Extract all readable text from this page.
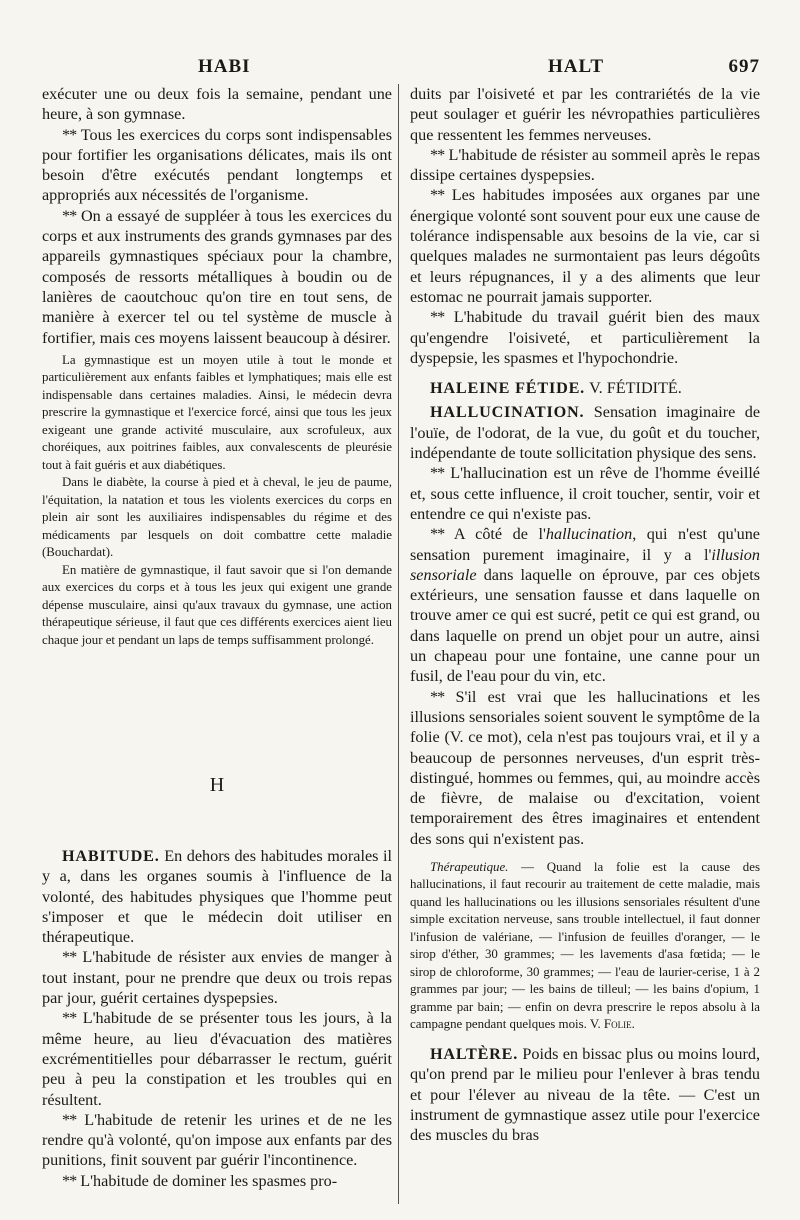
HABI	HALT	697

exécuter une ou deux fois la semaine, pendant une heure, à son gymnase.

** Tous les exercices du corps sont indispensables pour fortifier les organisations délicates, mais ils ont besoin d'être exécutés pendant longtemps et appropriés aux nécessités de l'organisme.

** On a essayé de suppléer à tous les exercices du corps et aux instruments des grands gymnases par des appareils gymnastiques spéciaux pour la chambre, composés de ressorts métalliques à boudin ou de lanières de caoutchouc qu'on tire en tout sens, de manière à exercer tel ou tel système de muscle à fortifier, mais ces moyens laissent beaucoup à désirer.

La gymnastique est un moyen utile à tout le monde et particulièrement aux enfants faibles et lymphatiques; mais elle est indispensable dans certaines maladies. Ainsi, le médecin devra prescrire la gymnastique et l'exercice forcé, ainsi que tous les jeux exigeant une grande activité musculaire, aux scrofuleux, aux choréiques, aux poitrines faibles, aux convalescents de pleurésie tout à fait guéris et aux diabétiques.

Dans le diabète, la course à pied et à cheval, le jeu de paume, l'équitation, la natation et tous les violents exercices du corps en plein air sont les auxiliaires indispensables du régime et des médicaments par lesquels on doit combattre cette maladie (Bouchardat).

En matière de gymnastique, il faut savoir que si l'on demande aux exercices du corps et à tous les jeux qui exigent une grande dépense musculaire, ainsi qu'aux travaux du gymnase, une action thérapeutique sérieuse, il faut que ces différents exercices aient lieu chaque jour et pendant un laps de temps suffisamment prolongé.

H

HABITUDE. En dehors des habitudes morales il y a, dans les organes soumis à l'influence de la volonté, des habitudes physiques que l'homme peut s'imposer et que le médecin doit utiliser en thérapeutique.

** L'habitude de résister aux envies de manger à tout instant, pour ne prendre que deux ou trois repas par jour, guérit certaines dyspepsies.

** L'habitude de se présenter tous les jours, à la même heure, au lieu d'évacuation des matières excrémentitielles pour débarrasser le rectum, guérit peu à peu la constipation et les troubles qui en résultent.

** L'habitude de retenir les urines et de ne les rendre qu'à volonté, qu'on impose aux enfants par des punitions, finit souvent par guérir l'incontinence.

** L'habitude de dominer les spasmes pro-

duits par l'oisiveté et par les contrariétés de la vie peut soulager et guérir les névropathies particulières que ressentent les femmes nerveuses.

** L'habitude de résister au sommeil après le repas dissipe certaines dyspepsies.

** Les habitudes imposées aux organes par une énergique volonté sont souvent pour eux une cause de tolérance indispensable aux besoins de la vie, car si quelques malades ne surmontaient pas leurs dégoûts et leurs répugnances, il y a des aliments que leur estomac ne pourrait jamais supporter.

** L'habitude du travail guérit bien des maux qu'engendre l'oisiveté, et particulièrement la dyspepsie, les spasmes et l'hypochondrie.

HALEINE FÉTIDE. V. FÉTIDITÉ.

HALLUCINATION. Sensation imaginaire de l'ouïe, de l'odorat, de la vue, du goût et du toucher, indépendante de toute sollicitation physique des sens.

** L'hallucination est un rêve de l'homme éveillé et, sous cette influence, il croit toucher, sentir, voir et entendre ce qui n'existe pas.

** A côté de l'hallucination, qui n'est qu'une sensation purement imaginaire, il y a l'illusion sensoriale dans laquelle on éprouve, par ces objets extérieurs, une sensation fausse et dans laquelle on trouve amer ce qui est sucré, petit ce qui est grand, ou dans laquelle on prend un objet pour un autre, ainsi un chapeau pour une fontaine, une canne pour un fusil, de l'eau pour du vin, etc.

** S'il est vrai que les hallucinations et les illusions sensoriales soient souvent le symptôme de la folie (V. ce mot), cela n'est pas toujours vrai, et il y a beaucoup de personnes nerveuses, d'un esprit très-distingué, hommes ou femmes, qui, au moindre accès de fièvre, de malaise ou d'excitation, voient temporairement des êtres imaginaires et entendent des sons qui n'existent pas.

Thérapeutique. — Quand la folie est la cause des hallucinations, il faut recourir au traitement de cette maladie, mais quand les hallucinations ou les illusions sensoriales résultent d'une simple excitation nerveuse, sans trouble intellectuel, il faut donner l'infusion de valériane, — l'infusion de feuilles d'oranger, — le sirop d'éther, 30 grammes; — les lavements d'asa fœtida; — le sirop de chloroforme, 30 grammes; — l'eau de laurier-cerise, 1 à 2 grammes par jour; — les bains de tilleul; — les bains d'opium, 1 gramme par bain; — enfin on devra prescrire le repos absolu à la campagne pendant quelques mois. V. Folie.

HALTÈRE. Poids en bissac plus ou moins lourd, qu'on prend par le milieu pour l'enlever à bras tendu et pour l'élever au niveau de la tête. — C'est un instrument de gymnastique assez utile pour l'exercice des muscles du bras
